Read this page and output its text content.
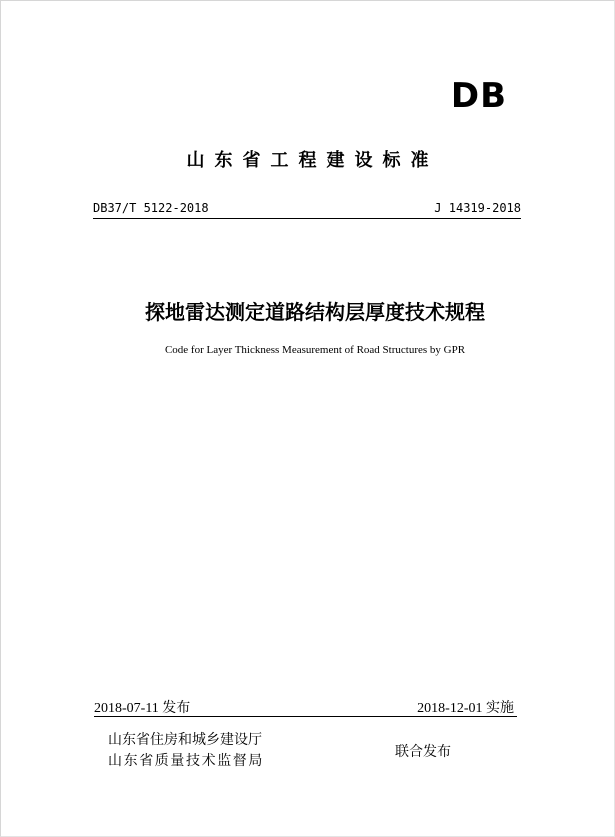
DB
山东省工程建设标准
DB37/T 5122-2018	J 14319-2018
探地雷达测定道路结构层厚度技术规程
Code for Layer Thickness Measurement of Road Structures by GPR
2018-07-11 发布	2018-12-01 实施
山东省住房和城乡建设厅
山东省质量技术监督局
联合发布
